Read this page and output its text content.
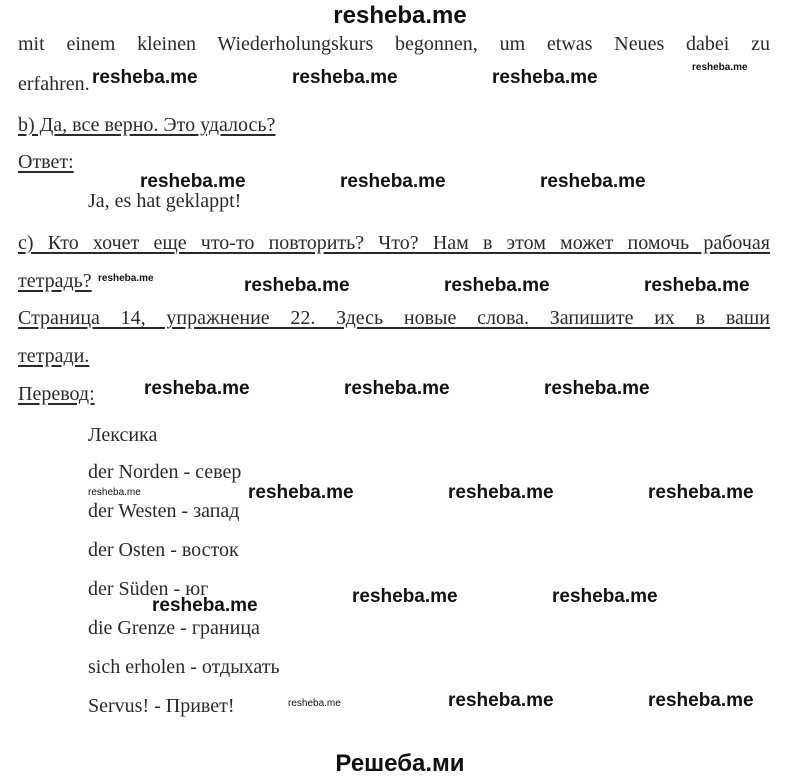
resheba.me
Решеба.ми
mit einem kleinen Wiederholungskurs begonnen, um etwas Neues dabei zu
erfahren.
b) Да, все верно. Это удалось?
Ответ:
Ja, es hat geklappt!
с) Кто хочет еще что-то повторить? Что? Нам в этом может помочь рабочая
тетрадь?
Страница 14, упражнение 22. Здесь новые слова. Запишите их в ваши
тетради.
Перевод:
Лексика
der Norden - север
der Westen - запад
der Osten - восток
der Süden - юг
die Grenze - граница
sich erholen - отдыхать
Servus! - Привет!
resheba.me	resheba.me	resheba.me	resheba.me
resheba.me	resheba.me	resheba.me
resheba.me	resheba.me	resheba.me	resheba.me
resheba.me	resheba.me	resheba.me
resheba.me	resheba.me	resheba.me	resheba.me
resheba.me	resheba.me	resheba.me
resheba.me	resheba.me	resheba.me
